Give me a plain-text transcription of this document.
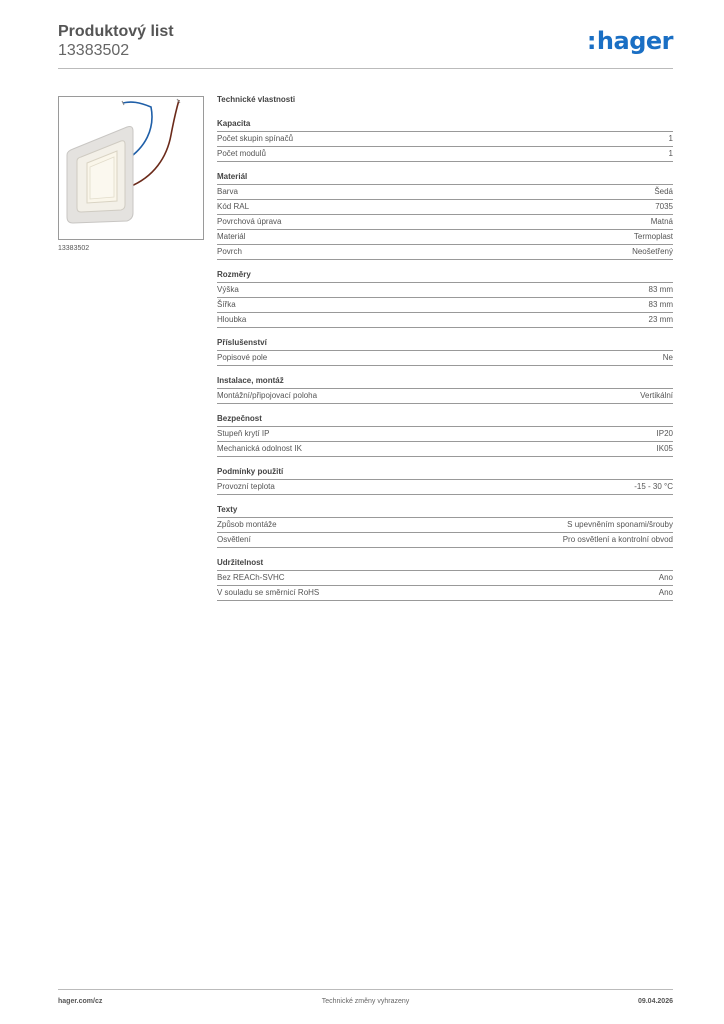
Produktový list
13383502	:hager
13383502
Technické vlastnosti
Kapacita
Počet skupin spínačů	1
Počet modulů	1
Materiál
Barva	Šedá
Kód RAL	7035
Povrchová úprava	Matná
Materiál	Termoplast
Povrch	Neošetřený
Rozměry
Výška	83 mm
Šířka	83 mm
Hloubka	23 mm
Příslušenství
Popisové pole	Ne
Instalace, montáž
Montážní/připojovací poloha	Vertikální
Bezpečnost
Stupeň krytí IP	IP20
Mechanická odolnost IK	IK05
Podmínky použití
Provozní teplota	-15 - 30 °C
Texty
Způsob montáže	S upevněním sponami/šrouby
Osvětlení	Pro osvětlení a kontrolní obvod
Udržitelnost
Bez REACh-SVHC	Ano
V souladu se směrnicí RoHS	Ano
hager.com/cz	Technické změny vyhrazeny	09.04.2026
